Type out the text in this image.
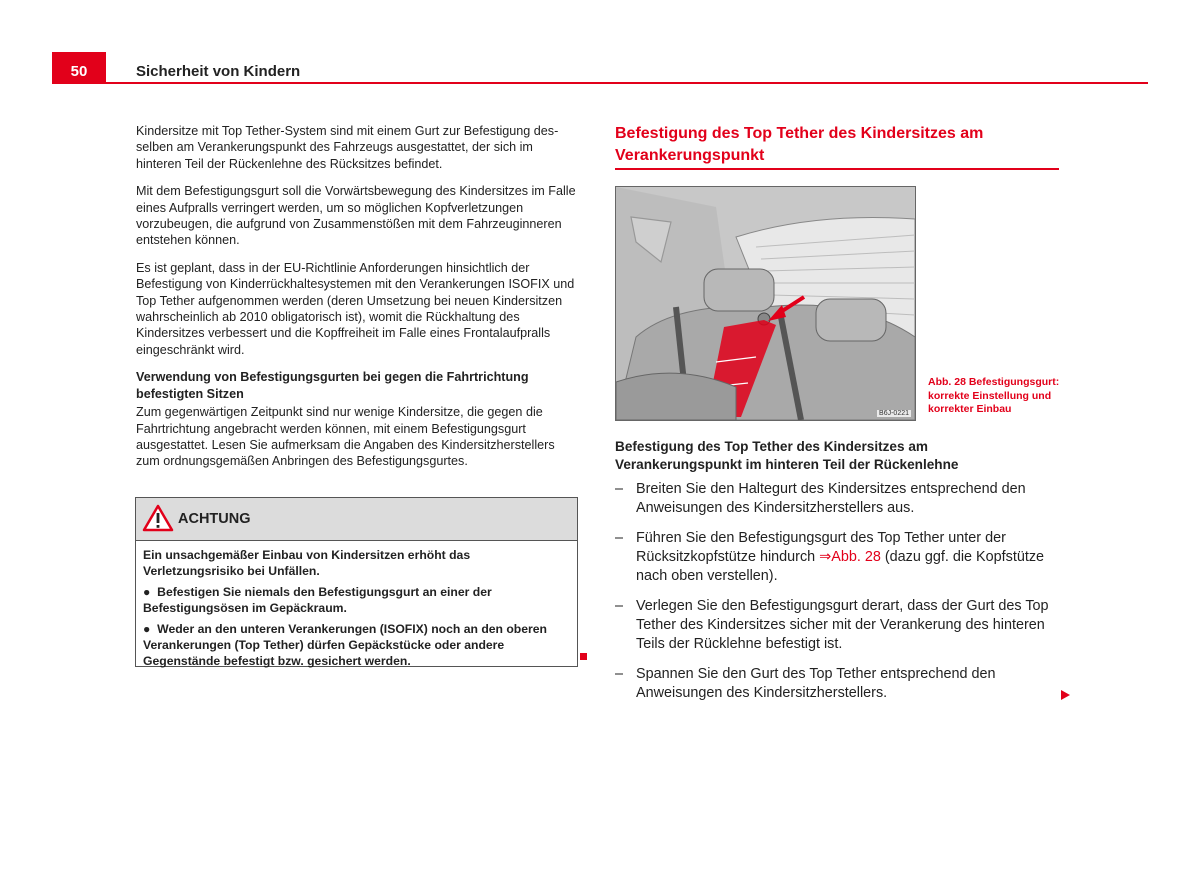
50	Sicherheit von Kindern

Kindersitze mit Top Tether-System sind mit einem Gurt zur Befestigung des-selben am Verankerungspunkt des Fahrzeugs ausgestattet, der sich im hinteren Teil der Rückenlehne des Rücksitzes befindet.

Mit dem Befestigungsgurt soll die Vorwärtsbewegung des Kindersitzes im Falle eines Aufpralls verringert werden, um so möglichen Kopfverletzungen vorzubeugen, die aufgrund von Zusammenstößen mit dem Fahrzeuginneren entstehen können.

Es ist geplant, dass in der EU-Richtlinie Anforderungen hinsichtlich der Befestigung von Kinderrückhaltesystemen mit den Verankerungen ISOFIX und Top Tether aufgenommen werden (deren Umsetzung bei neuen Kindersitzen wahrscheinlich ab 2010 obligatorisch ist), womit die Rückhaltung des Kindersitzes verbessert und die Kopffreiheit im Falle eines Frontalaufpralls eingeschränkt wird.

Verwendung von Befestigungsgurten bei gegen die Fahrtrichtung befestigten Sitzen

Zum gegenwärtigen Zeitpunkt sind nur wenige Kindersitze, die gegen die Fahrtrichtung angebracht werden können, mit einem Befestigungsgurt ausgestattet. Lesen Sie aufmerksam die Angaben des Kindersitzherstellers zum ordnungsgemäßen Anbringen des Befestigungsgurtes.

ACHTUNG

Ein unsachgemäßer Einbau von Kindersitzen erhöht das Verletzungsrisiko bei Unfällen.

● Befestigen Sie niemals den Befestigungsgurt an einer der Befestigungsösen im Gepäckraum.

● Weder an den unteren Verankerungen (ISOFIX) noch an den oberen Verankerungen (Top Tether) dürfen Gepäckstücke oder andere Gegenstände befestigt bzw. gesichert werden.

Befestigung des Top Tether des Kindersitzes am Verankerungspunkt
B6J-0221
Abb. 28 Befestigungsgurt: korrekte Einstellung und korrekter Einbau
Befestigung des Top Tether des Kindersitzes am Verankerungspunkt im hinteren Teil der Rückenlehne
– Breiten Sie den Haltegurt des Kindersitzes entsprechend den Anweisungen des Kindersitzherstellers aus.
– Führen Sie den Befestigungsgurt des Top Tether unter der Rücksitzkopfstütze hindurch ⇒Abb. 28 (dazu ggf. die Kopfstütze nach oben verstellen).
– Verlegen Sie den Befestigungsgurt derart, dass der Gurt des Top Tether des Kindersitzes sicher mit der Verankerung des hinteren Teils der Rücklehne befestigt ist.
– Spannen Sie den Gurt des Top Tether entsprechend den Anweisungen des Kindersitzherstellers.
